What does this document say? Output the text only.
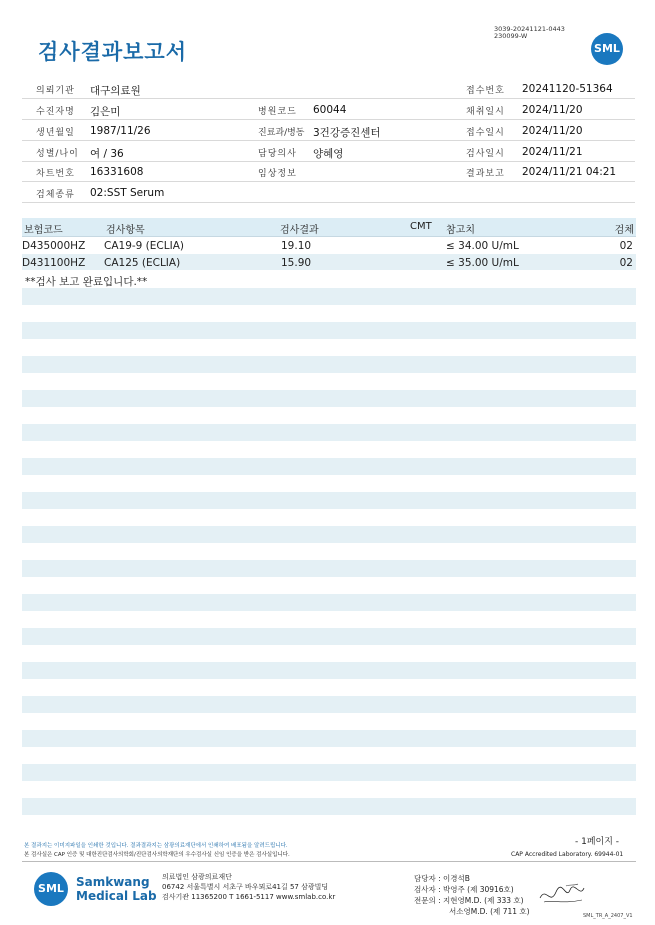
검사결과보고서
3039-20241121-0443
230099-W
SML
의뢰기관 대구의료원	접수번호 20241120-51364
수진자명 김은미	병원코드 60044	채취일시 2024/11/20
생년월일 1987/11/26	진료과/병동 3건강증진센터	접수일시 2024/11/20
성별/나이 여 / 36	담당의사 양혜영	검사일시 2024/11/21
차트번호 16331608	임상정보	결과보고 2024/11/21 04:21
검체종류 02:SST Serum
보험코드	검사항목	검사결과	CMT 참고치	검체
D435000HZ CA19-9 (ECLIA)	19.10	≤ 34.00 U/mL	02
D431100HZ CA125 (ECLIA)	15.90	≤ 35.00 U/mL	02
**검사 보고 완료입니다.**
- 1페이지 -
본 결과지는 이미지파일을 인쇄한 것입니다. 결과결과지는 삼광의료재단에서 인쇄하여 배포됨을 알려드립니다.
본 검사실은 CAP 인증 및 대한진단검사의학회/진단검사의학재단의 우수검사실 신임 인증을 받은 검사실입니다.	CAP Accredited Laboratory. 69944-01
SML	Samkwang
Medical Lab
의료법인 삼광의료재단
06742 서울특별시 서초구 바우뫼로41길 57 삼광빌딩
검사기관 11365200 T 1661-5117 www.smlab.co.kr
담당자 : 이경석B
검사자 : 박영주 (제 30916호)
전문의 : 지현영M.D. (제 333 호)
서소영M.D. (제 711 호)	SML_TR_A_2407_V1
